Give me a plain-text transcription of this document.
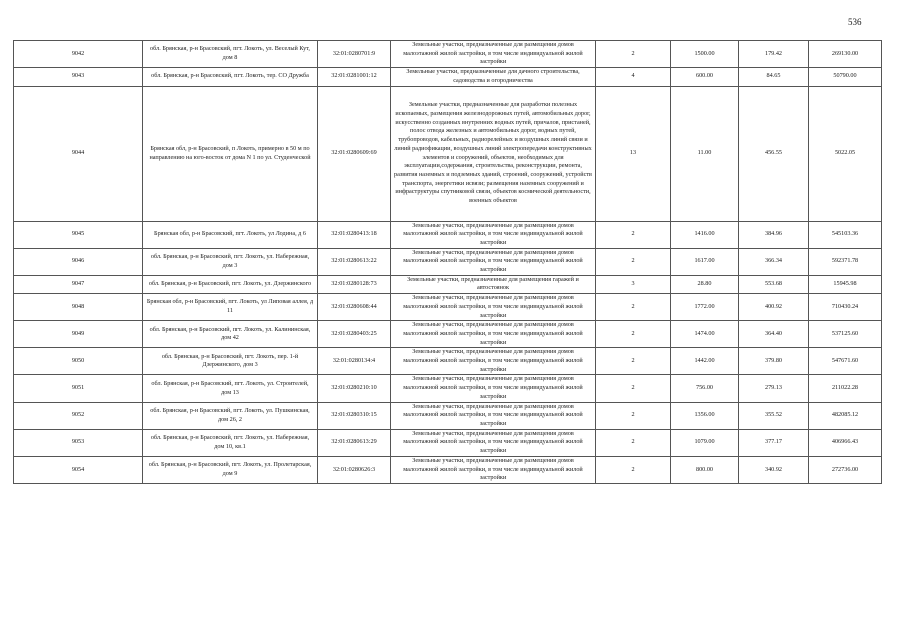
536
9042	обл. Брянская, р-н Брасовский, пгт. Локоть, ул. Веселый Кут, дом 8	32:01:0280701:9	Земельные участки, предназначенные для размещения домов малоэтажной жилой застройки, в том числе индивидуальной жилой застройки	2	1500.00	179.42	269130.00
9043	обл. Брянская, р-н Брасовский, пгт. Локоть, тер. СО Дружба	32:01:0281001:12	Земельные участки, предназначенные для дачного строительства, садоводства и огородничества	4	600.00	84.65	50790.00
9044	Брянская обл, р-н Брасовский, п Локоть, примерно в 50 м по направлению на юго-восток от дома N 1 по ул. Студенческой	32:01:0280609:69	Земельные участки, предназначенные для разработки полезных ископаемых, размещения железнодорожных путей, автомобильных дорог, искусственно созданных внутренних водных путей, причалов, пристаней, полос отвода железных и автомобильных дорог, водных путей, трубопроводов, кабельных, радиорелейных и воздушных линий связи и линий радиофикации, воздушных линий электропередачи конструктивных элементов и сооружений, объектов, необходимых для эксплуатации,содержания, строительства, реконструкции, ремонта, развития наземных и подземных зданий, строений, сооружений, устройств транспорта, энергетики исвязи; размещения наземных сооружений и инфраструктуры спутниковой связи, объектов космической деятельности, военных объектов	13	11.00	456.55	5022.05
9045	Брянская обл, р-н Брасовский, пгт. Локоть, ул Лодина, д 6	32:01:0280413:18	Земельные участки, предназначенные для размещения домов малоэтажной жилой застройки, в том числе индивидуальной жилой застройки	2	1416.00	384.96	545103.36
9046	обл. Брянская, р-н Брасовский, пгт. Локоть, ул. Набережная, дом 3	32:01:0280613:22	Земельные участки, предназначенные для размещения домов малоэтажной жилой застройки, в том числе индивидуальной жилой застройки	2	1617.00	366.34	592371.78
9047	обл. Брянская, р-н Брасовский, пгт. Локоть, ул. Дзержинского	32:01:0280128:73	Земельные участки, предназначенные для размещения гаражей и автостоянок	3	28.80	553.68	15945.98
9048	Брянская обл, р-н Брасовский, пгт. Локоть, ул Липовая аллея, д 11	32:01:0280608:44	Земельные участки, предназначенные для размещения домов малоэтажной жилой застройки, в том числе индивидуальной жилой застройки	2	1772.00	400.92	710430.24
9049	обл. Брянская, р-н Брасовский, пгт. Локоть, ул. Калининская, дом 42	32:01:0280403:25	Земельные участки, предназначенные для размещения домов малоэтажной жилой застройки, в том числе индивидуальной жилой застройки	2	1474.00	364.40	537125.60
9050	обл. Брянская, р-н Брасовский, пгт. Локоть, пер. 1-й Дзержинского, дом 3	32:01:0280134:4	Земельные участки, предназначенные для размещения домов малоэтажной жилой застройки, в том числе индивидуальной жилой застройки	2	1442.00	379.80	547671.60
9051	обл. Брянская, р-н Брасовский, пгт. Локоть, ул. Строителей, дом 13	32:01:0280210:10	Земельные участки, предназначенные для размещения домов малоэтажной жилой застройки, в том числе индивидуальной жилой застройки	2	756.00	279.13	211022.28
9052	обл. Брянская, р-н Брасовский, пгт. Локоть, ул. Пушкинская, дом 26, 2	32:01:0280310:15	Земельные участки, предназначенные для размещения домов малоэтажной жилой застройки, в том числе индивидуальной жилой застройки	2	1356.00	355.52	482085.12
9053	обл. Брянская, р-н Брасовский, пгт. Локоть, ул. Набережная, дом 10, кв.1	32:01:0280613:29	Земельные участки, предназначенные для размещения домов малоэтажной жилой застройки, в том числе индивидуальной жилой застройки	2	1079.00	377.17	406966.43
9054	обл. Брянская, р-н Брасовский, пгт. Локоть, ул. Пролетарская, дом 9	32:01:0280626:3	Земельные участки, предназначенные для размещения домов малоэтажной жилой застройки, в том числе индивидуальной жилой застройки	2	800.00	340.92	272736.00
